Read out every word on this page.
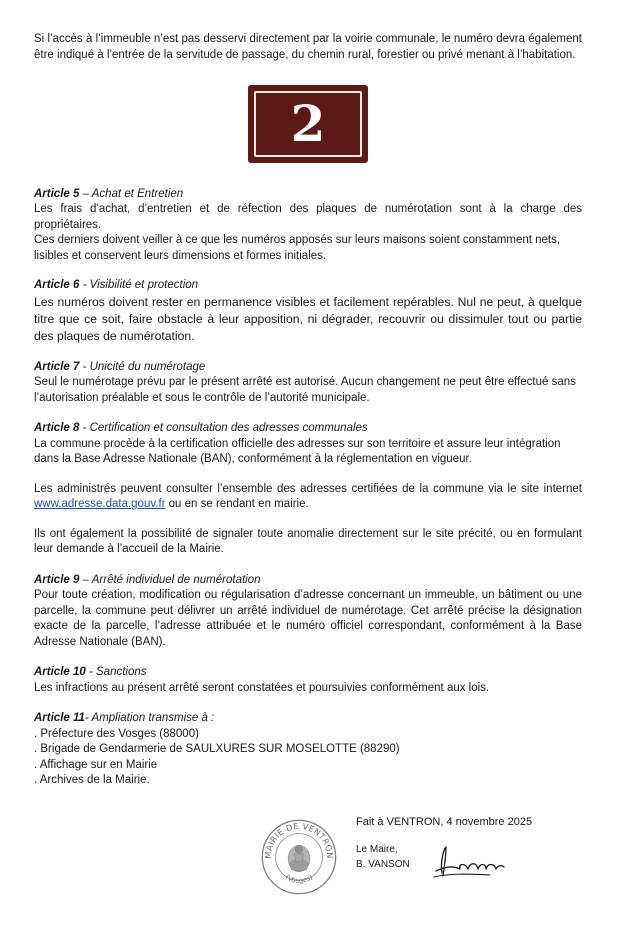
Si l’accès à l’immeuble n’est pas desservi directement par la voirie communale, le numéro devra également être indiqué à l’entrée de la servitude de passage, du chemin rural, forestier ou privé menant à l’habitation.

2

Article 5 – Achat et Entretien

Les frais d’achat, d’entretien et de réfection des plaques de numérotation sont à la charge des propriétaires.

Ces derniers doivent veiller à ce que les numéros apposés sur leurs maisons soient constamment nets, lisibles et conservent leurs dimensions et formes initiales.

Article 6 - Visibilité et protection

Les numéros doivent rester en permanence visibles et facilement repérables. Nul ne peut, à quelque titre que ce soit, faire obstacle à leur apposition, ni dégrader, recouvrir ou dissimuler tout ou partie des plaques de numérotation.

Article 7 - Unicité du numérotage

Seul le numérotage prévu par le présent arrêté est autorisé. Aucun changement ne peut être effectué sans l’autorisation préalable et sous le contrôle de l’autorité municipale.

Article 8 - Certification et consultation des adresses communales

La commune procède à la certification officielle des adresses sur son territoire et assure leur intégration dans la Base Adresse Nationale (BAN), conformément à la réglementation en vigueur.

Les administrés peuvent consulter l’ensemble des adresses certifiées de la commune via le site internet www.adresse.data.gouv.fr ou en se rendant en mairie.

Ils ont également la possibilité de signaler toute anomalie directement sur le site précité, ou en formulant leur demande à l’accueil de la Mairie.

Article 9 – Arrêté individuel de numérotation

Pour toute création, modification ou régularisation d’adresse concernant un immeuble, un bâtiment ou une parcelle, la commune peut délivrer un arrêté individuel de numérotage. Cet arrêté précise la désignation exacte de la parcelle, l’adresse attribuée et le numéro officiel correspondant, conformément à la Base Adresse Nationale (BAN).

Article 10 - Sanctions

Les infractions au présent arrêté seront constatées et poursuivies conformément aux lois.

Article 11- Ampliation transmise à :

. Préfecture des Vosges (88000)

. Brigade de Gendarmerie de SAULXURES SUR MOSELOTTE (88290)

. Affichage sur en Mairie

. Archives de la Mairie.

Fait à VENTRON, 4 novembre 2025
Le Maire,
B. VANSON
MAIRIE DE VENTRON
(Vosges)
